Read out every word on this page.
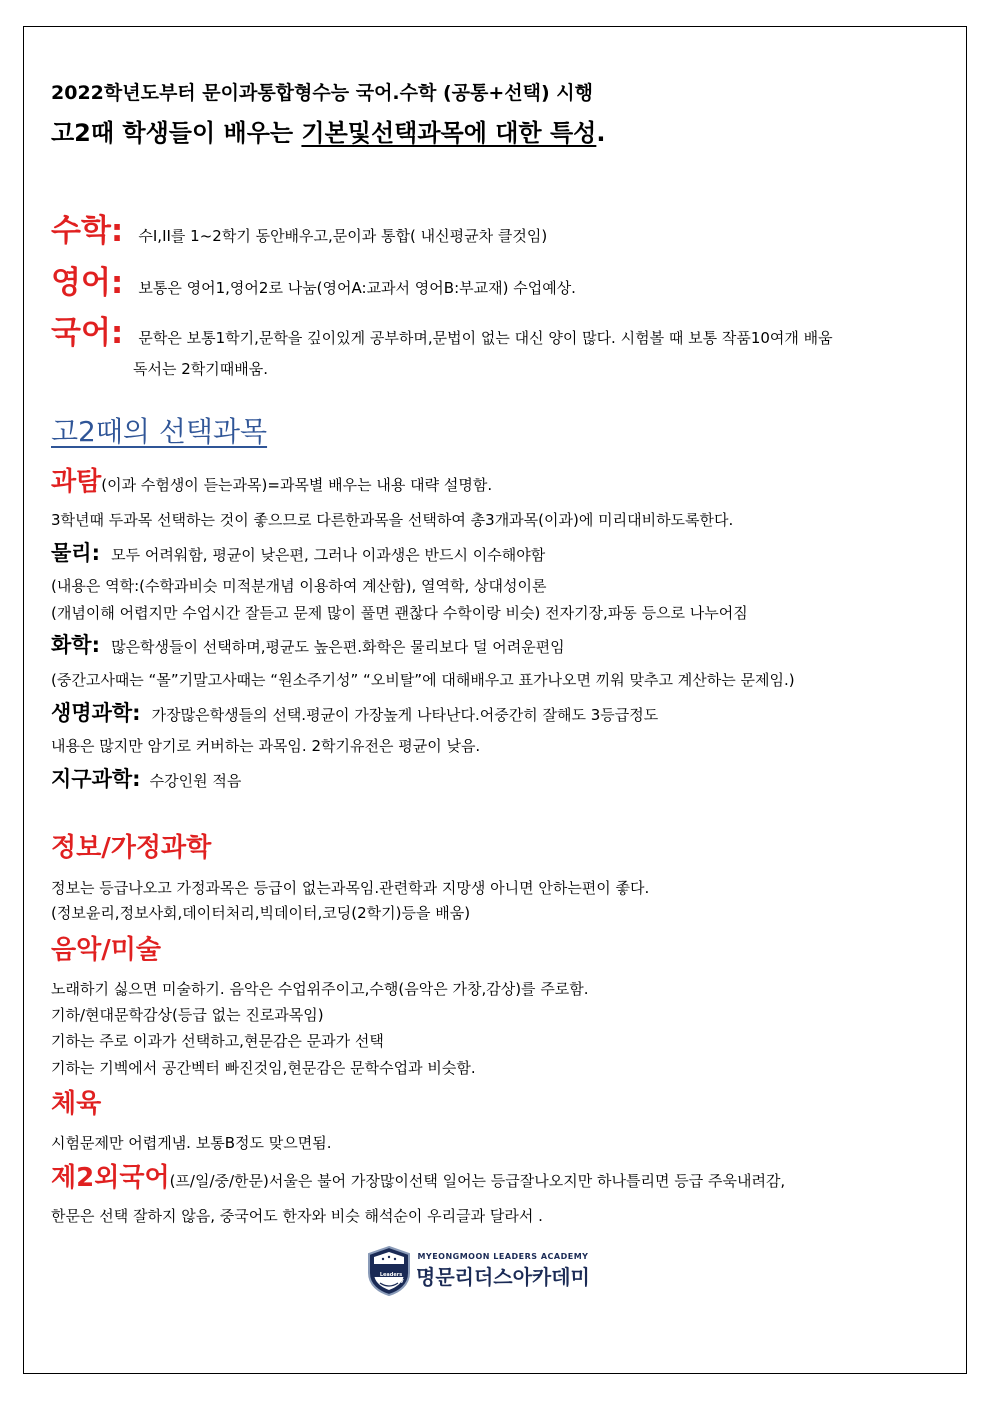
2022학년도부터 문이과통합형수능 국어.수학 (공통+선택) 시행
고2때 학생들이 배우는 기본및선택과목에 대한 특성.
수학: 수I,II를 1~2학기 동안배우고,문이과 통합( 내신평균차 클것임)
영어: 보통은 영어1,영어2로 나눔(영어A:교과서 영어B:부교재) 수업예상.
국어: 문학은 보통1학기,문학을 깊이있게 공부하며,문법이 없는 대신 양이 많다. 시험볼 때 보통 작품10여개 배움
독서는 2학기때배움.
고2때의 선택과목
과탐(이과 수험생이 듣는과목)=과목별 배우는 내용 대략 설명함.
3학년때 두과목 선택하는 것이 좋으므로 다른한과목을 선택하여 총3개과목(이과)에 미리대비하도록한다.
물리: 모두 어려워함, 평균이 낮은편, 그러나 이과생은 반드시 이수해야함
(내용은 역학:(수학과비슷 미적분개념 이용하여 계산함), 열역학, 상대성이론
(개념이해 어렵지만 수업시간 잘듣고 문제 많이 풀면 괜찮다 수학이랑 비슷) 전자기장,파동 등으로 나누어짐
화학: 많은학생들이 선택하며,평균도 높은편.화학은 물리보다 덜 어려운편임
(중간고사때는 “몰”기말고사때는 “원소주기성” “오비탈”에 대해배우고 표가나오면 끼워 맞추고 계산하는 문제임.)
생명과학: 가장많은학생들의 선택.평균이 가장높게 나타난다.어중간히 잘해도 3등급정도
내용은 많지만 암기로 커버하는 과목임. 2학기유전은 평균이 낮음.
지구과학: 수강인원 적음
정보/가정과학
정보는 등급나오고 가정과목은 등급이 없는과목임.관련학과 지망생 아니면 안하는편이 좋다.
(정보윤리,정보사회,데이터처리,빅데이터,코딩(2학기)등을 배움)
음악/미술
노래하기 싫으면 미술하기. 음악은 수업위주이고,수행(음악은 가창,감상)를 주로함.
기하/현대문학감상(등급 없는 진로과목임)
기하는 주로 이과가 선택하고,현문감은 문과가 선택
기하는 기벡에서 공간벡터 빠진것임,현문감은 문학수업과 비슷함.
체육
시험문제만 어렵게냄. 보통B정도 맞으면됨.
제2외국어(프/일/중/한문)서울은 불어 가장많이선택 일어는 등급잘나오지만 하나틀리면 등급 주욱내려감,
한문은 선택 잘하지 않음, 중국어도 한자와 비슷 해석순이 우리글과 달라서 .
Leaders Academy
MYEONGMOON LEADERS ACADEMY
명문리더스아카데미
